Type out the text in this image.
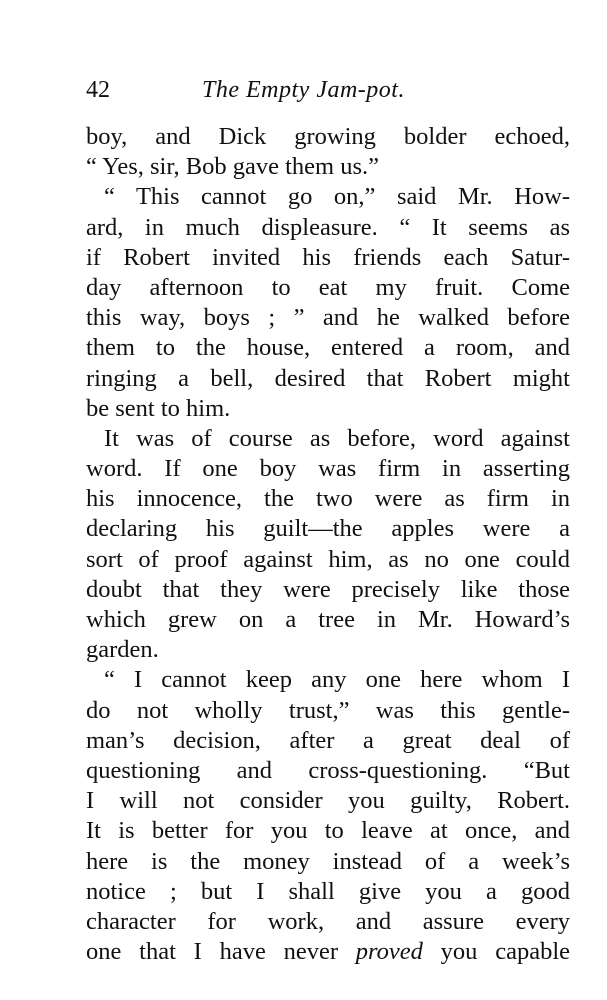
42	The Empty Jam-pot.
boy, and Dick growing bolder echoed,
“ Yes, sir, Bob gave them us.”
“ This cannot go on,” said Mr. How-
ard, in much displeasure. “ It seems as
if Robert invited his friends each Satur-
day afternoon to eat my fruit. Come
this way, boys ; ” and he walked before
them to the house, entered a room, and
ringing a bell, desired that Robert might
be sent to him.
It was of course as before, word against
word. If one boy was firm in asserting
his innocence, the two were as firm in
declaring his guilt—the apples were a
sort of proof against him, as no one could
doubt that they were precisely like those
which grew on a tree in Mr. Howard’s
garden.
“ I cannot keep any one here whom I
do not wholly trust,” was this gentle-
man’s decision, after a great deal of
questioning and cross-questioning. “But
I will not consider you guilty, Robert.
It is better for you to leave at once, and
here is the money instead of a week’s
notice ; but I shall give you a good
character for work, and assure every
one that I have never proved you capable
